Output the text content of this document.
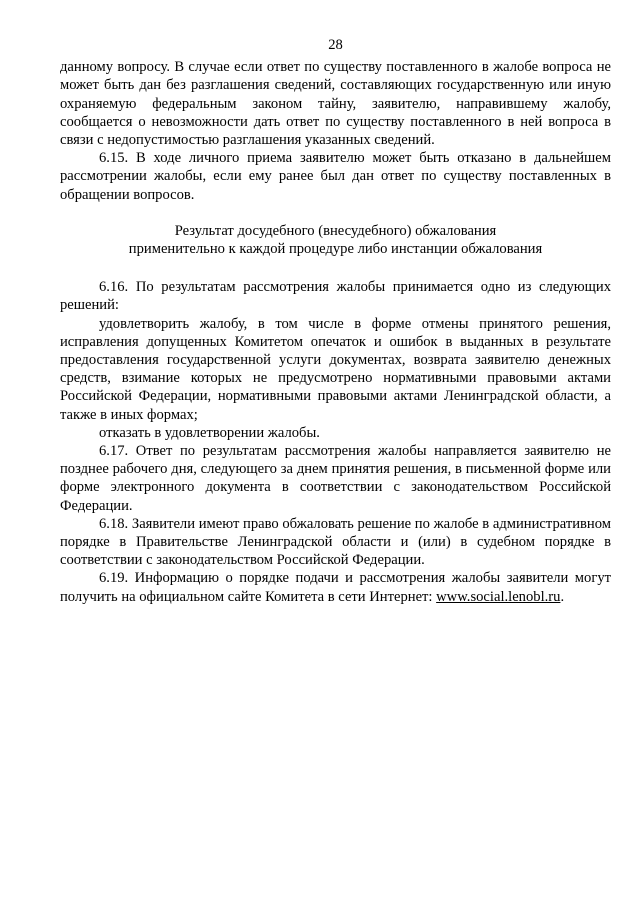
28

данному вопросу. В случае если ответ по существу поставленного в жалобе вопроса не может быть дан без разглашения сведений, составляющих государственную или иную охраняемую федеральным законом тайну, заявителю, направившему жалобу, сообщается о невозможности дать ответ по существу поставленного в ней вопроса в связи с недопустимостью разглашения указанных сведений.

6.15. В ходе личного приема заявителю может быть отказано в дальнейшем рассмотрении жалобы, если ему ранее был дан ответ по существу поставленных в обращении вопросов.

Результат досудебного (внесудебного) обжалования
применительно к каждой процедуре либо инстанции обжалования

6.16. По результатам рассмотрения жалобы принимается одно из следующих решений:

удовлетворить жалобу, в том числе в форме отмены принятого решения, исправления допущенных Комитетом опечаток и ошибок в выданных в результате предоставления государственной услуги документах, возврата заявителю денежных средств, взимание которых не предусмотрено нормативными правовыми актами Российской Федерации, нормативными правовыми актами Ленинградской области, а также в иных формах;

отказать в удовлетворении жалобы.

6.17. Ответ по результатам рассмотрения жалобы направляется заявителю не позднее рабочего дня, следующего за днем принятия решения, в письменной форме или форме электронного документа в соответствии с законодательством Российской Федерации.

6.18. Заявители имеют право обжаловать решение по жалобе в административном порядке в Правительстве Ленинградской области и (или) в судебном порядке в соответствии с законодательством Российской Федерации.

6.19. Информацию о порядке подачи и рассмотрения жалобы заявители могут получить на официальном сайте Комитета в сети Интернет: www.social.lenobl.ru.
